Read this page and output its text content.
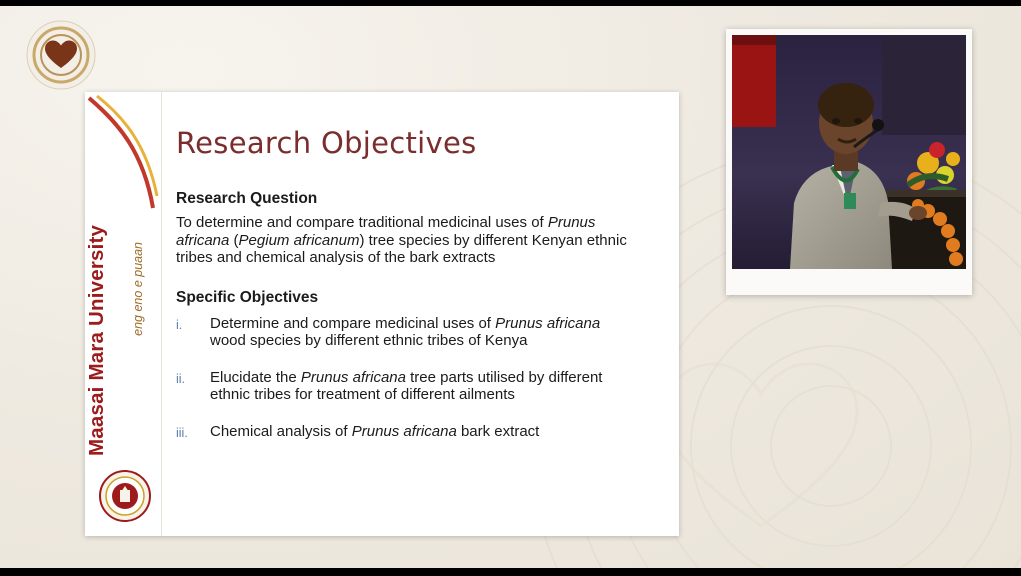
Maasai Mara University	eng eno e puaan
Research Objectives
Research Question

To determine and compare traditional medicinal uses of Prunus africana (Pegium africanum) tree species by different Kenyan ethnic tribes and chemical analysis of the bark extracts

Specific Objectives
i.	Determine and compare medicinal uses of Prunus africana wood species by different ethnic tribes of Kenya
ii.	Elucidate the Prunus africana tree parts utilised by different ethnic tribes for treatment of different ailments
iii.	Chemical analysis of Prunus africana bark extract
